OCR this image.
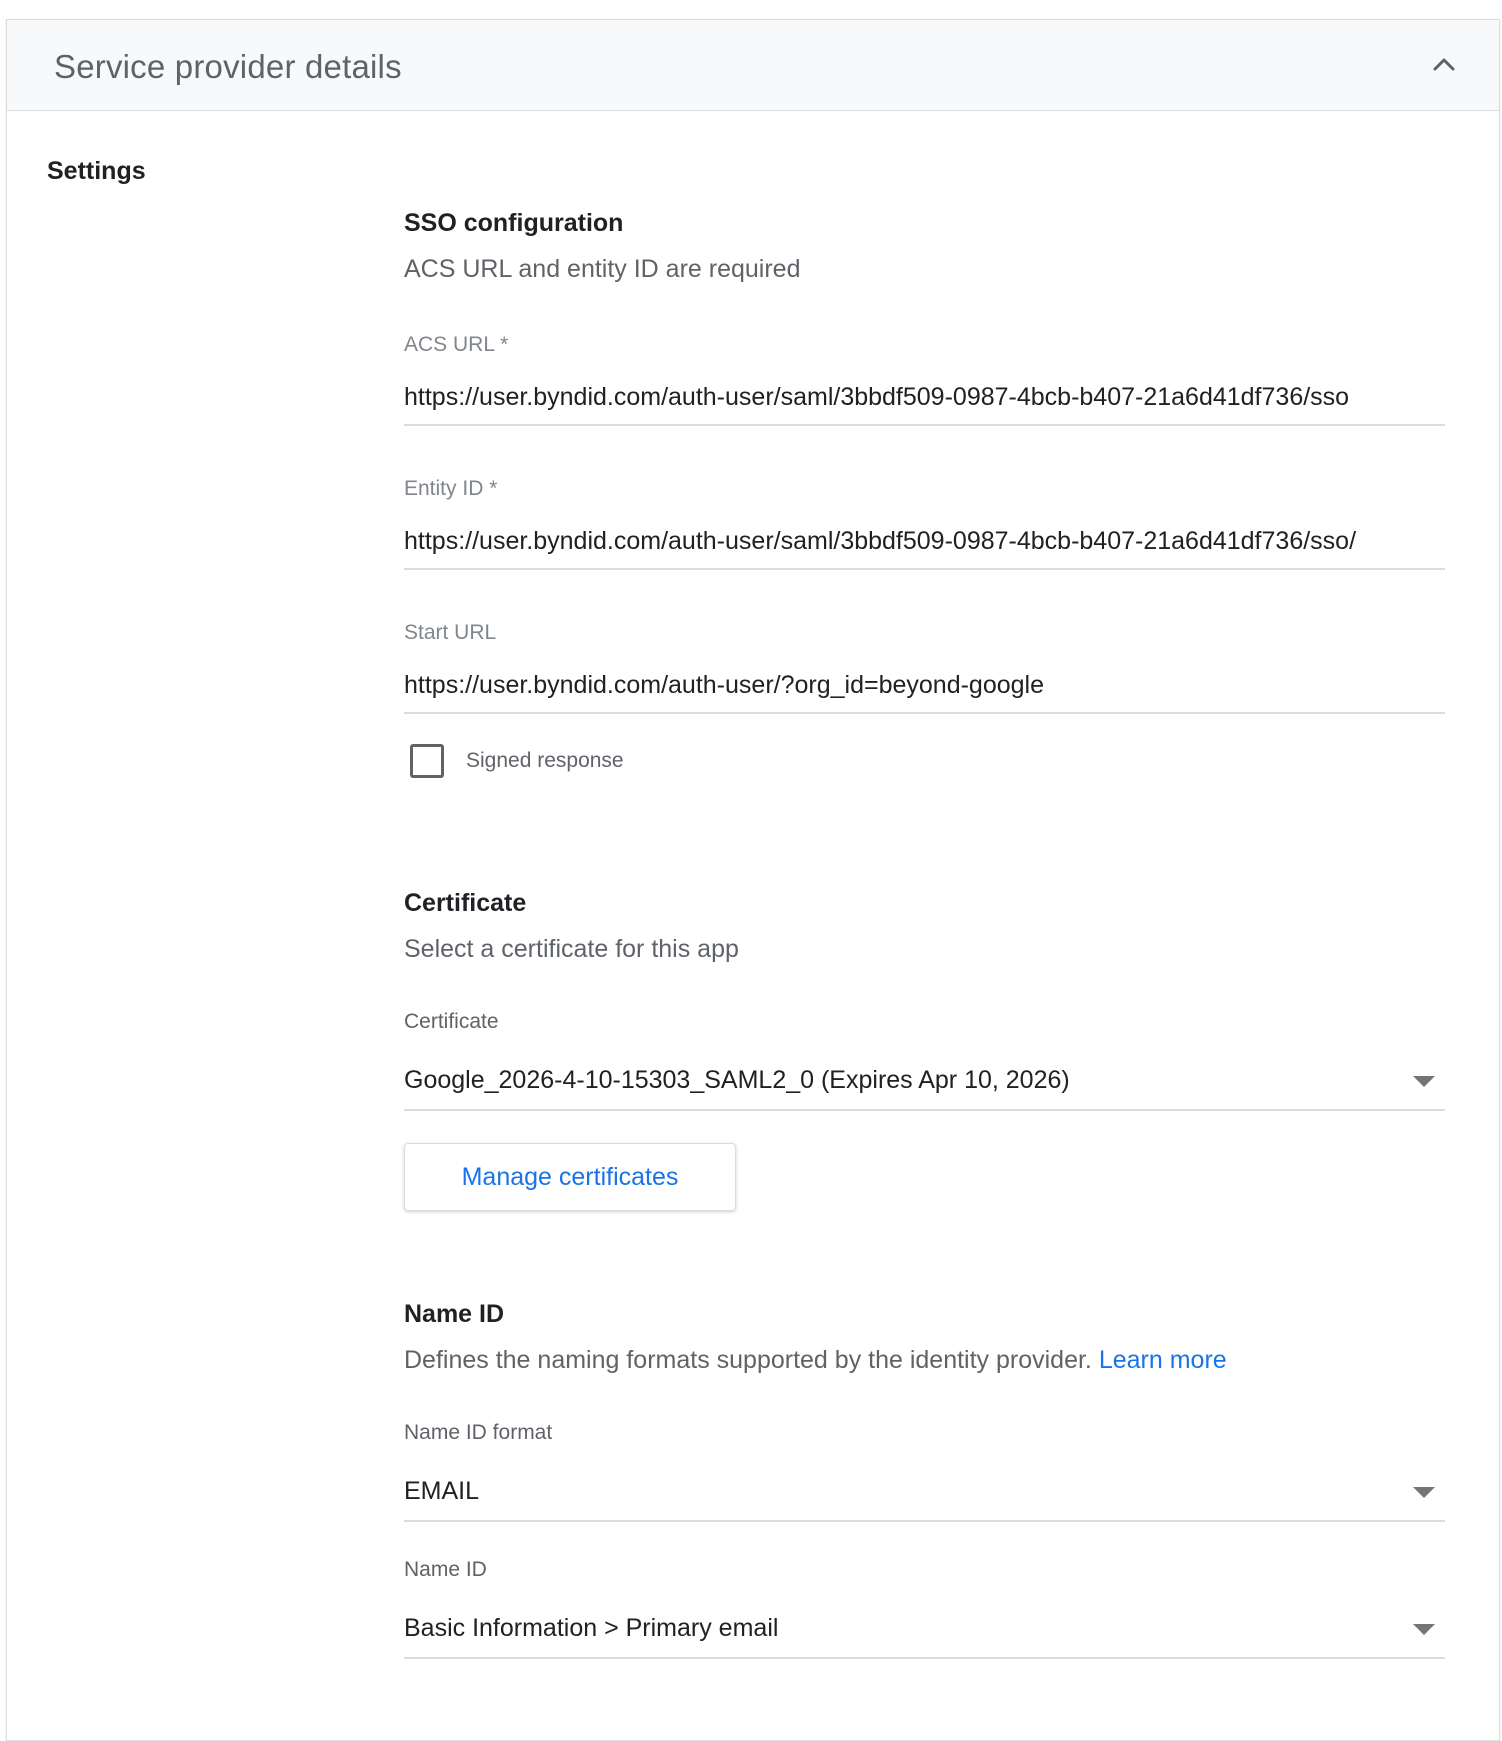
Service provider details
Settings
SSO configuration
ACS URL and entity ID are required
ACS URL *
https://user.byndid.com/auth-user/saml/3bbdf509-0987-4bcb-b407-21a6d41df736/sso
Entity ID *
https://user.byndid.com/auth-user/saml/3bbdf509-0987-4bcb-b407-21a6d41df736/sso/
Start URL
https://user.byndid.com/auth-user/?org_id=beyond-google
Signed response
Certificate
Select a certificate for this app
Certificate
Google_2026-4-10-15303_SAML2_0 (Expires Apr 10, 2026)
Manage certificates
Name ID
Defines the naming formats supported by the identity provider. Learn more
Name ID format
EMAIL
Name ID
Basic Information > Primary email
